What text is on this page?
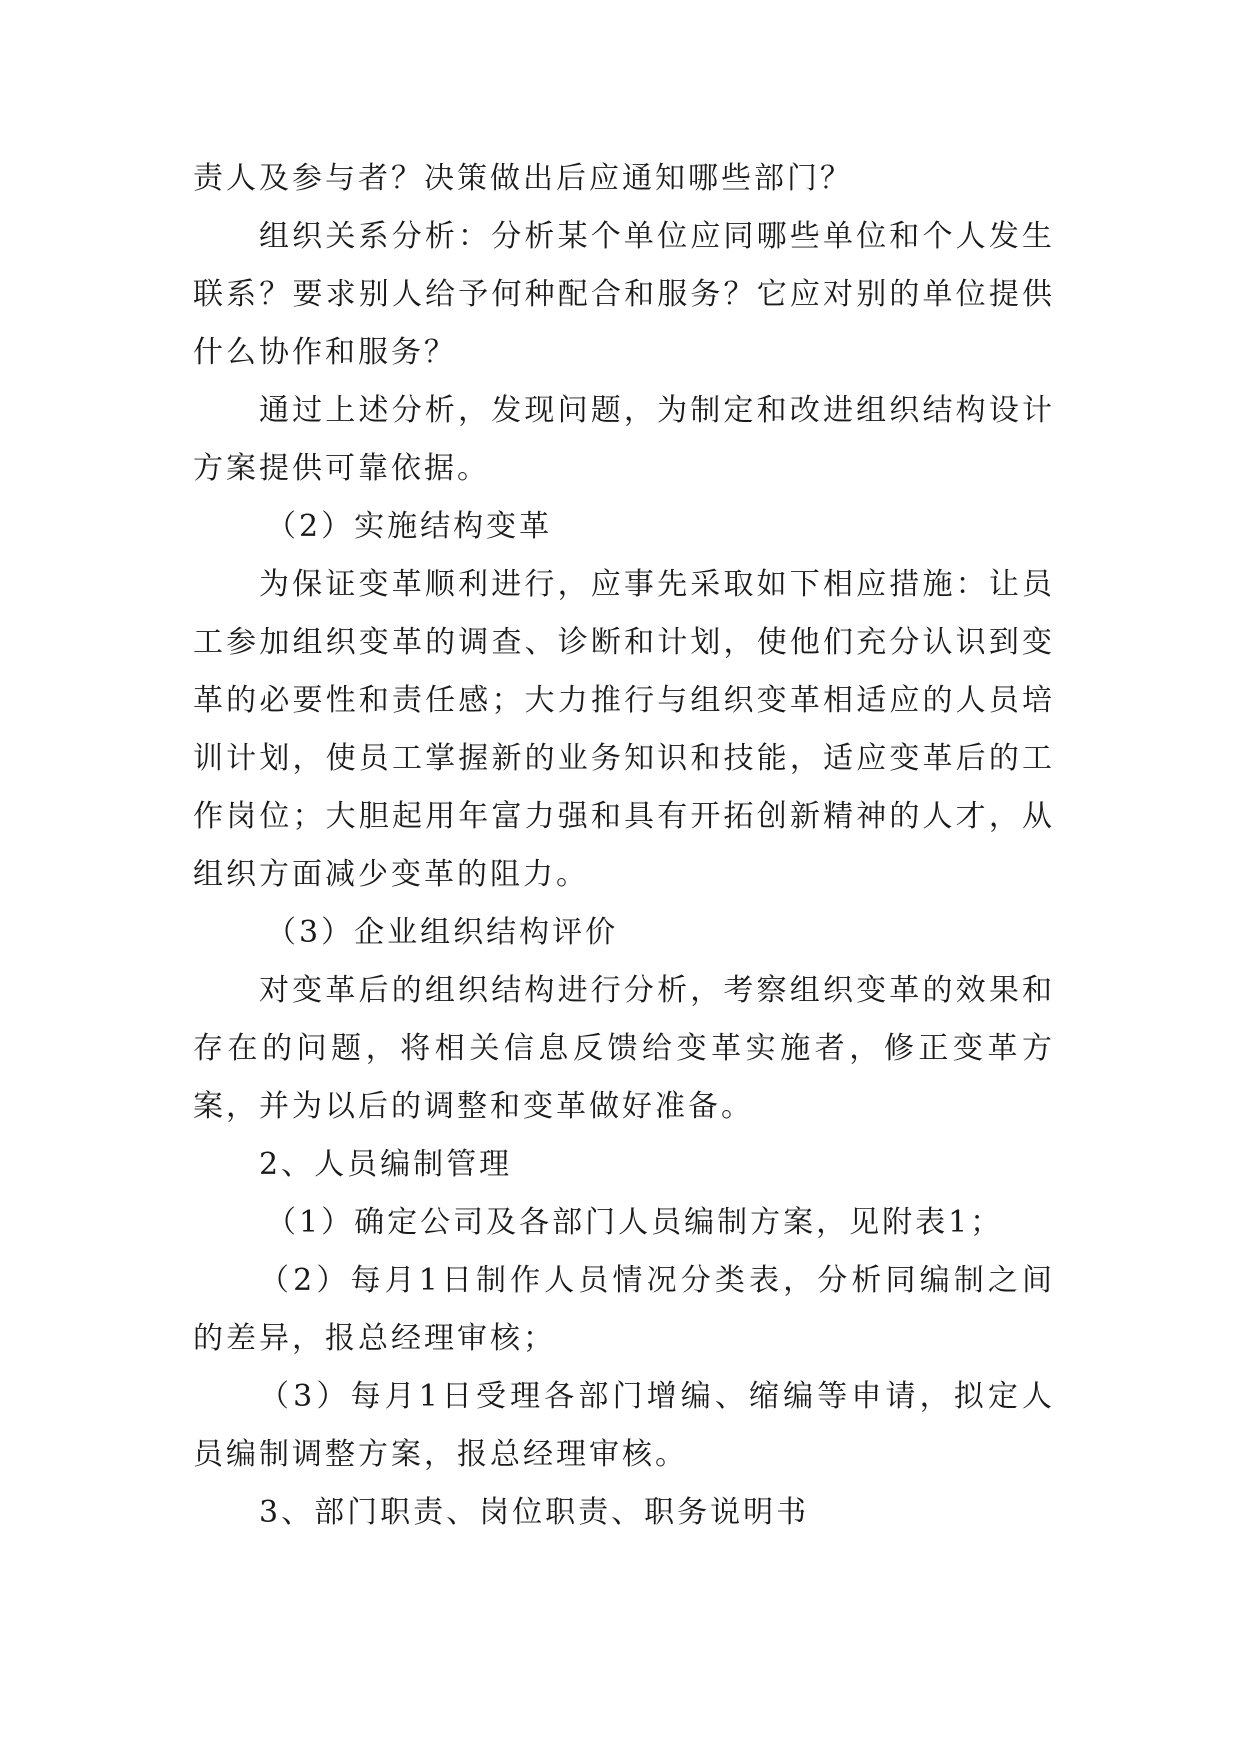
责人及参与者？决策做出后应通知哪些部门？

组织关系分析：分析某个单位应同哪些单位和个人发生联系？要求别人给予何种配合和服务？它应对别的单位提供什么协作和服务？

通过上述分析，发现问题，为制定和改进组织结构设计方案提供可靠依据。

（2）实施结构变革

为保证变革顺利进行，应事先采取如下相应措施：让员工参加组织变革的调查、诊断和计划，使他们充分认识到变革的必要性和责任感；大力推行与组织变革相适应的人员培训计划，使员工掌握新的业务知识和技能，适应变革后的工作岗位；大胆起用年富力强和具有开拓创新精神的人才，从组织方面减少变革的阻力。

（3）企业组织结构评价

对变革后的组织结构进行分析，考察组织变革的效果和存在的问题，将相关信息反馈给变革实施者，修正变革方案，并为以后的调整和变革做好准备。

2、人员编制管理

（1）确定公司及各部门人员编制方案，见附表1；

（2）每月1日制作人员情况分类表，分析同编制之间的差异，报总经理审核；

（3）每月1日受理各部门增编、缩编等申请，拟定人员编制调整方案，报总经理审核。

3、部门职责、岗位职责、职务说明书
